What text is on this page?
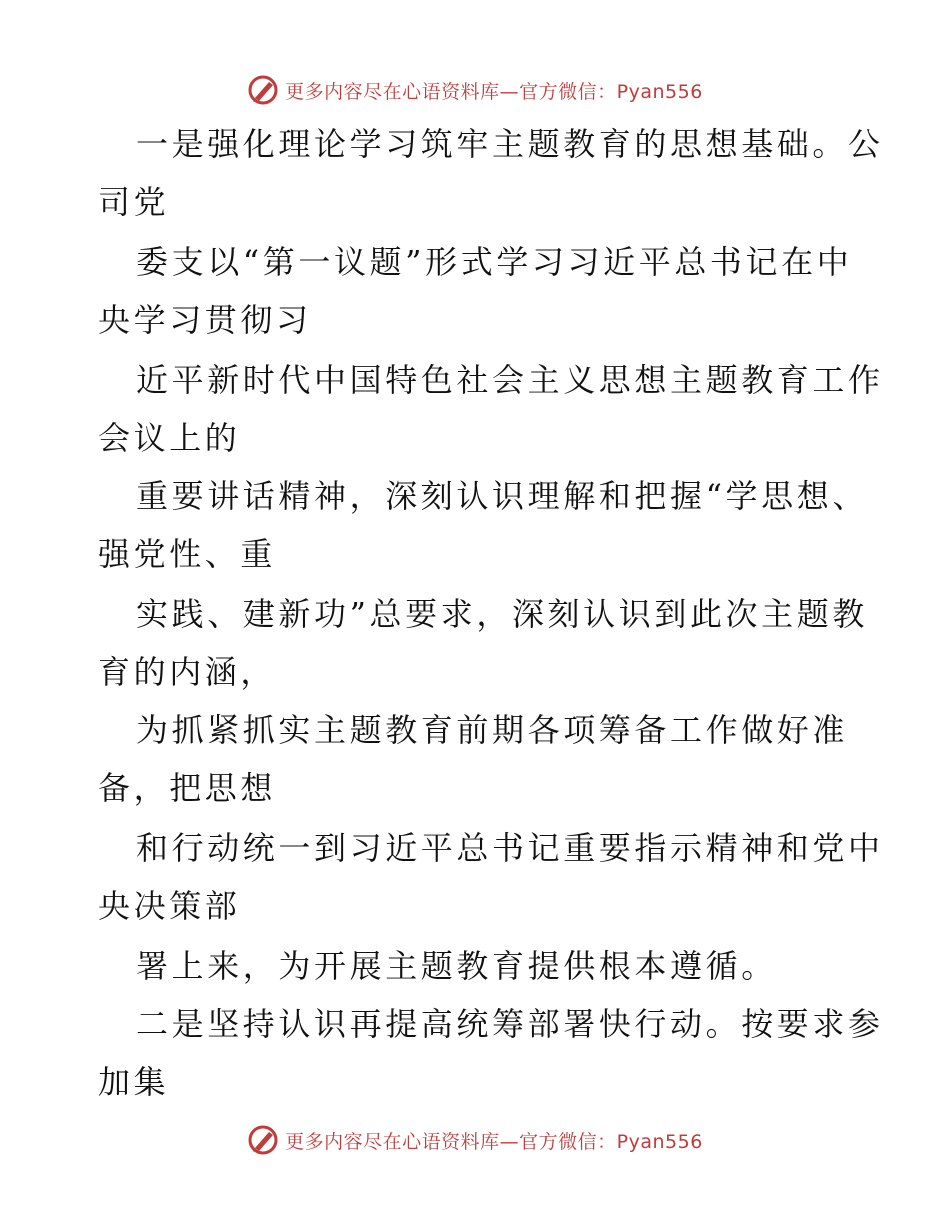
更多内容尽在心语资料库—官方微信：Pyan556
一是强化理论学习筑牢主题教育的思想基础。公
司党
委支以“第一议题”形式学习习近平总书记在中
央学习贯彻习
近平新时代中国特色社会主义思想主题教育工作
会议上的
重要讲话精神，深刻认识理解和把握“学思想、
强党性、重
实践、建新功”总要求，深刻认识到此次主题教
育的内涵，
为抓紧抓实主题教育前期各项筹备工作做好准
备，把思想
和行动统一到习近平总书记重要指示精神和党中
央决策部
署上来，为开展主题教育提供根本遵循。
二是坚持认识再提高统筹部署快行动。按要求参
加集
更多内容尽在心语资料库—官方微信：Pyan556
